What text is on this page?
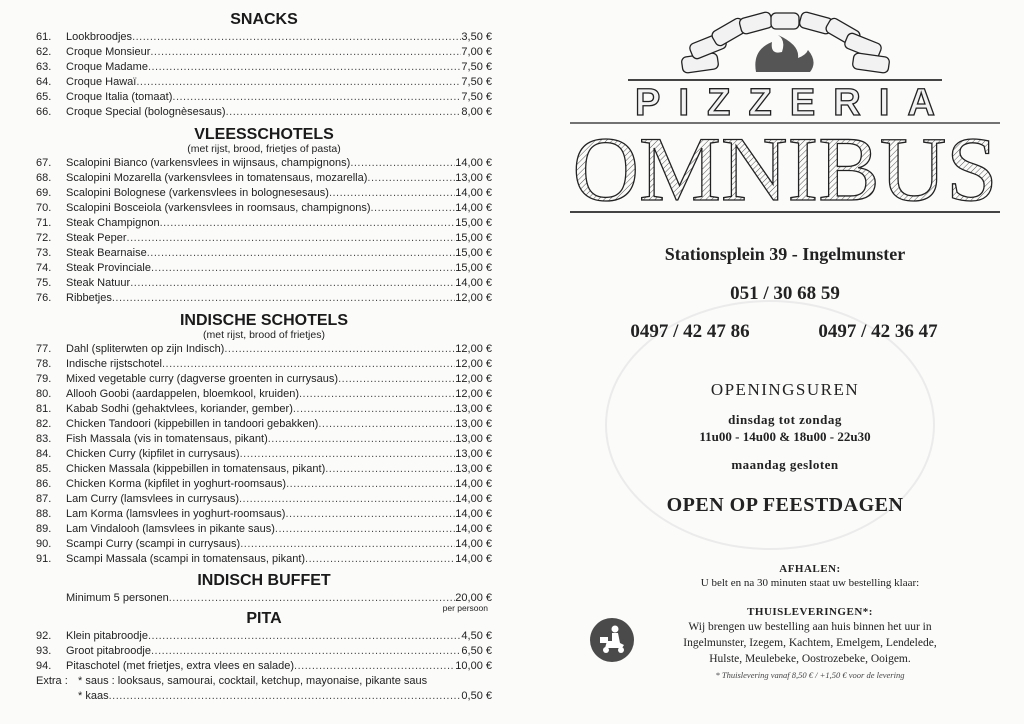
SNACKS
61.	Lookbroodjes .....	3,50 €
62.	Croque Monsieur .....	7,00 €
63.	Croque Madame .....	7,50 €
64.	Croque Hawaï .....	7,50 €
65.	Croque Italia (tomaat) .....	7,50 €
66.	Croque Special (bolognèsesaus) .....	8,00 €
VLEESSCHOTELS
(met rijst, brood, frietjes of pasta)
67.	Scalopini Bianco (varkensvlees in wijnsaus, champignons) .....	14,00 €
68.	Scalopini Mozarella (varkensvlees in tomatensaus, mozarella) .....	13,00 €
69.	Scalopini Bolognese (varkensvlees in bolognesesaus) .....	14,00 €
70.	Scalopini Bosceiola (varkensvlees in roomsaus, champignons) .....	14,00 €
71.	Steak Champignon .....	15,00 €
72.	Steak Peper .....	15,00 €
73.	Steak Bearnaise .....	15,00 €
74.	Steak Provinciale .....	15,00 €
75.	Steak Natuur .....	14,00 €
76.	Ribbetjes .....	12,00 €
INDISCHE SCHOTELS
(met rijst, brood of frietjes)
77.	Dahl (spliterwten op zijn Indisch) .....	12,00 €
78.	Indische rijstschotel .....	12,00 €
79.	Mixed vegetable curry (dagverse groenten in currysaus) .....	12,00 €
80.	Allooh Goobi (aardappelen, bloemkool, kruiden) .....	12,00 €
81.	Kabab Sodhi (gehaktvlees, koriander, gember) .....	13,00 €
82.	Chicken Tandoori (kippebillen in tandoori gebakken) .....	13,00 €
83.	Fish Massala (vis in tomatensaus, pikant) .....	13,00 €
84.	Chicken Curry (kipfilet in currysaus) .....	13,00 €
85.	Chicken Massala (kippebillen in tomatensaus, pikant) .....	13,00 €
86.	Chicken Korma (kipfilet in yoghurt-roomsaus) .....	14,00 €
87.	Lam Curry (lamsvlees in currysaus) .....	14,00 €
88.	Lam Korma (lamsvlees in yoghurt-roomsaus) .....	14,00 €
89.	Lam Vindalooh (lamsvlees in pikante saus) .....	14,00 €
90.	Scampi Curry (scampi in currysaus) .....	14,00 €
91.	Scampi Massala (scampi in tomatensaus, pikant) .....	14,00 €
INDISCH BUFFET
Minimum 5 personen .....	20,00 €
per persoon
PITA
92.	Klein pitabroodje .....	4,50 €
93.	Groot pitabroodje .....	6,50 €
94.	Pitaschotel (met frietjes, extra vlees en salade) .....	10,00 €
Extra : * saus : looksaus, samourai, cocktail, ketchup, mayonaise, pikante saus
* kaas .....	0,50 €
PIZZERIA
OMNIBUS
Stationsplein 39 - Ingelmunster
051 / 30 68 59
0497 / 42 47 86	0497 / 42 36 47
OPENINGSUREN
dinsdag tot zondag
11u00 - 14u00 & 18u00 - 22u30
maandag gesloten
OPEN OP FEESTDAGEN
AFHALEN:
U belt en na 30 minuten staat uw bestelling klaar:
THUISLEVERINGEN*:
Wij brengen uw bestelling aan huis binnen het uur in
Ingelmunster, Izegem, Kachtem, Emelgem, Lendelede,
Hulste, Meulebeke, Oostrozebeke, Ooigem.
* Thuislevering vanaf 8,50 € / +1,50 € voor de levering
